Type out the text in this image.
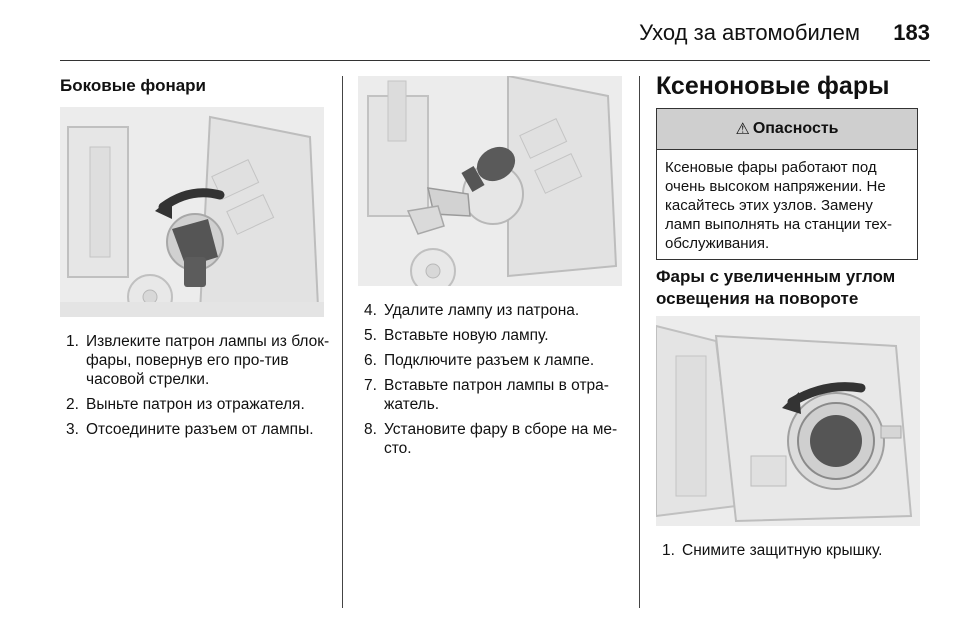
Уход за автомобилем	183
Боковые фонари
1. Извлеките патрон лампы из блок-фары, повернув его про-тив часовой стрелки.
2. Выньте патрон из отражателя.
3. Отсоедините разъем от лампы.
4. Удалите лампу из патрона.
5. Вставьте новую лампу.
6. Подключите разъем к лампе.
7. Вставьте патрон лампы в отра-жатель.
8. Установите фару в сборе на ме-сто.
Ксеноновые фары
⚠ Опасность
Ксеновые фары работают под очень высоком напряжении. Не касайтесь этих узлов. Замену ламп выполнять на станции тех-обслуживания.
Фары с увеличенным углом освещения на повороте
1. Снимите защитную крышку.
